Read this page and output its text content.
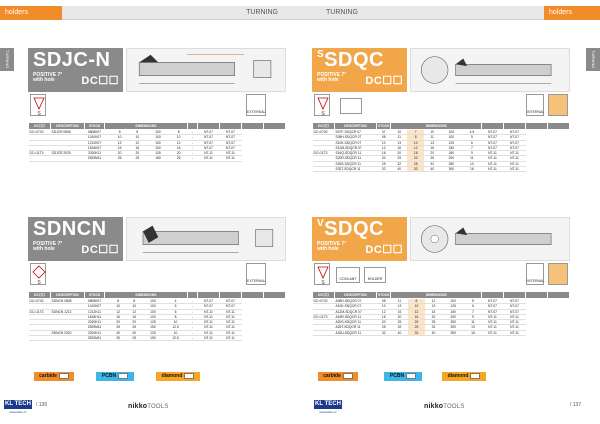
holders	TURNING
TURNING SDJC-N
POSITIVE 7° with hole	DC☐☐
S	EXTERNAL
DC☐☐	DESCRIPTION	STOCK	DIMENSIONS									
DC=0702	SDJCR 0808	0808K07		8	8	100	8	-	NT-07	NT-07		
		1010K07		10	10	100	10	-	NT-07	NT-07		
		1212K07		12	12	100	12	-	NT-07	NT-07		
		1616K07		16	16	100	16	-	NT-07	NT-07		
DC=11T3	SDJCR 2020	2020K11		20	20	125	20	-	NT-11	NT-11		
		2525M11		25	25	150	25	-	NT-11	NT-11		
SDNCN
POSITIVE 7° with hole	DC☐☐
S	EXTERNAL
DC☐☐	DESCRIPTION	STOCK	DIMENSIONS									
DC=0702	SDNCN 0808	0808K07		8	8	100	4	-	NT-07	NT-07		
		1010K07		10	10	100	5	-	NT-07	NT-07		
DC=11T3	SDNCN 1212	1212K11		12	12	100	6	-	NT-11	NT-11		
		1616H11		16	16	100	8	-	NT-11	NT-11		
		2020K11		20	20	125	10	-	NT-11	NT-11		
		2525M11		25	25	150	12.5	-	NT-11	NT-11		
	SDNCN 2020	2020K11		20	20	125	10	-	NT-11	NT-11		
		2525M11		25	25	150	12.5	-	NT-11	NT-11		
carbide	PCBN	diamond
KL TECH
www.kltec.cz
/ 136	nikkoTOOLS
TURNING	holders
TURNING
$^S$SDQC
POSITIVE 7° with hole	DC☐☐
S	INTERNAL
DC☐☐	DESCRIPTION	STOCK	DIMENSIONS								
DC=0702	S07F-SDQCR 07	07	10	7	10	100	4.5	NT-07	NT-07		
	S08H-SDQCR 07	08	11	8	11	100	5	NT-07	NT-07		
	S10K-SDQCR 07	10	13	10	13	125	6	NT-07	NT-07		
	S12M-SDQCR 07	12	16	12	16	150	7	NT-07	NT-07		
DC=11T3	S16Q-SDQCR 11	16	20	16	20	180	9	NT-11	NT-11		
	S20R-SDQCR 11	20	25	20	25	200	11	NT-11	NT-11		
	S25S-SDQCR 11	25	32	25	32	250	13	NT-11	NT-11		
	S32T-SDQCR 11	32	40	32	40	300	16	NT-11	NT-11		
$^V$SDQC
POSITIVE 7° with hole	DC☐☐
S
COOLANT	HOLDER	INTERNAL
DC☐☐	DESCRIPTION	STOCK	DIMENSIONS								
DC=0702	A08H-SDQCR 07	08	11	8	11	100	5	NT-07	NT-07		
	A10K-SDQCR 07	10	13	10	13	125	6	NT-07	NT-07		
	A12M-SDQCR 07	12	16	12	16	150	7	NT-07	NT-07		
DC=11T3	A16R-SDQCR 11	16	20	16	20	200	9	NT-11	NT-11		
	A20S-SDQCR 11	20	25	20	25	250	11	NT-11	NT-11		
	A25T-SDQCR 11	25	32	25	32	300	13	NT-11	NT-11		
	A32U-SDQCR 11	32	40	32	40	350	16	NT-11	NT-11		
carbide	PCBN	diamond
KL TECH
www.kltec.cz
nikkoTOOLS	/ 137
